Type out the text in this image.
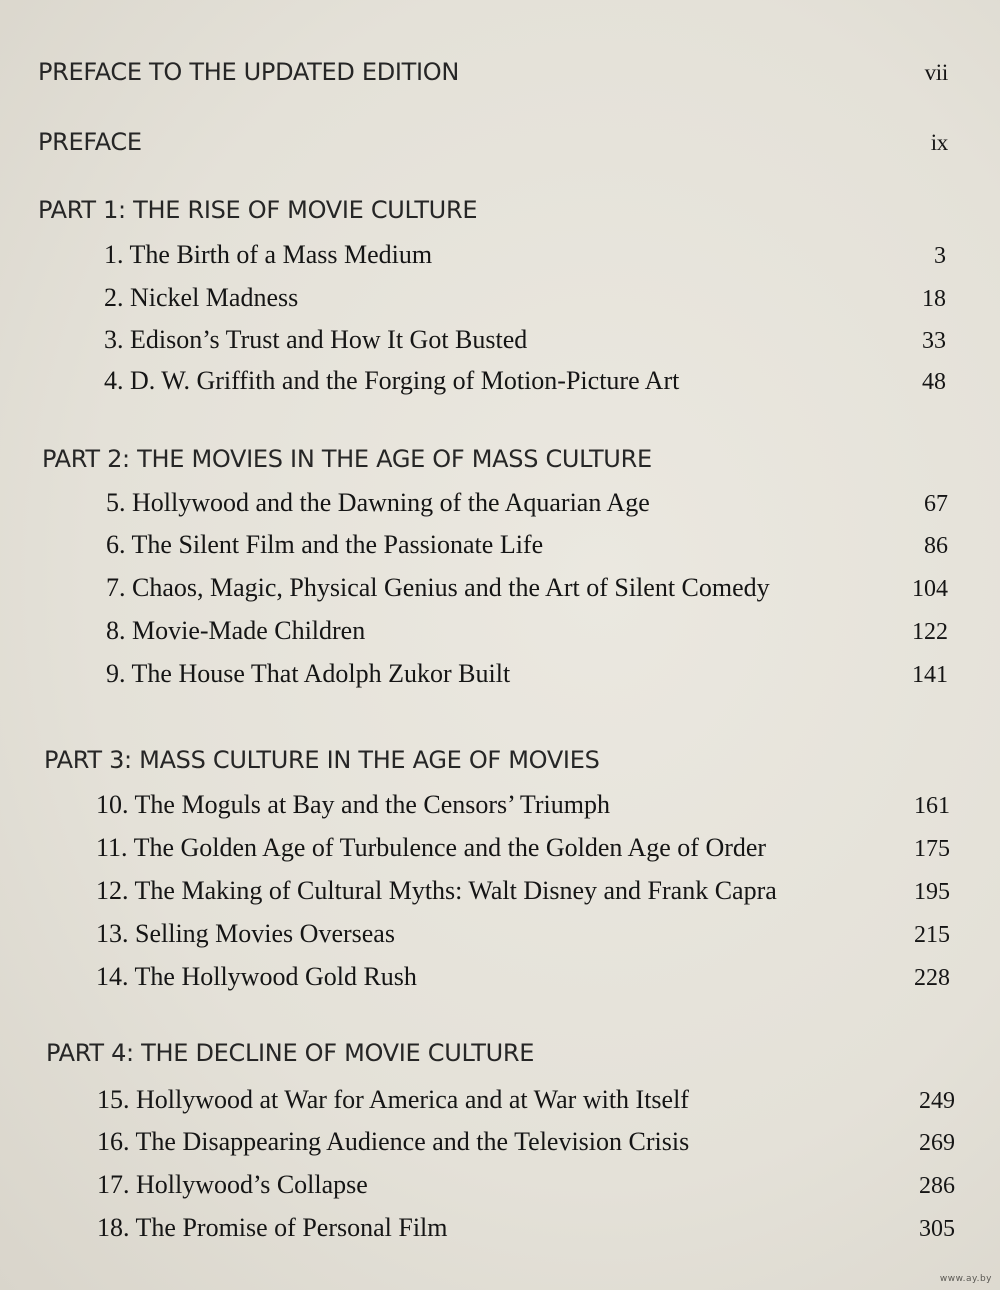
PREFACE TO THE UPDATED EDITION	vii
PREFACE	ix
PART 1: THE RISE OF MOVIE CULTURE
1. The Birth of a Mass Medium	3
2. Nickel Madness	18
3. Edison’s Trust and How It Got Busted	33
4. D. W. Griffith and the Forging of Motion-Picture Art	48
PART 2: THE MOVIES IN THE AGE OF MASS CULTURE
5. Hollywood and the Dawning of the Aquarian Age	67
6. The Silent Film and the Passionate Life	86
7. Chaos, Magic, Physical Genius and the Art of Silent Comedy	104
8. Movie-Made Children	122
9. The House That Adolph Zukor Built	141
PART 3: MASS CULTURE IN THE AGE OF MOVIES
10. The Moguls at Bay and the Censors’ Triumph	161
11. The Golden Age of Turbulence and the Golden Age of Order	175
12. The Making of Cultural Myths: Walt Disney and Frank Capra	195
13. Selling Movies Overseas	215
14. The Hollywood Gold Rush	228
PART 4: THE DECLINE OF MOVIE CULTURE
15. Hollywood at War for America and at War with Itself	249
16. The Disappearing Audience and the Television Crisis	269
17. Hollywood’s Collapse	286
18. The Promise of Personal Film	305
www.ay.by
